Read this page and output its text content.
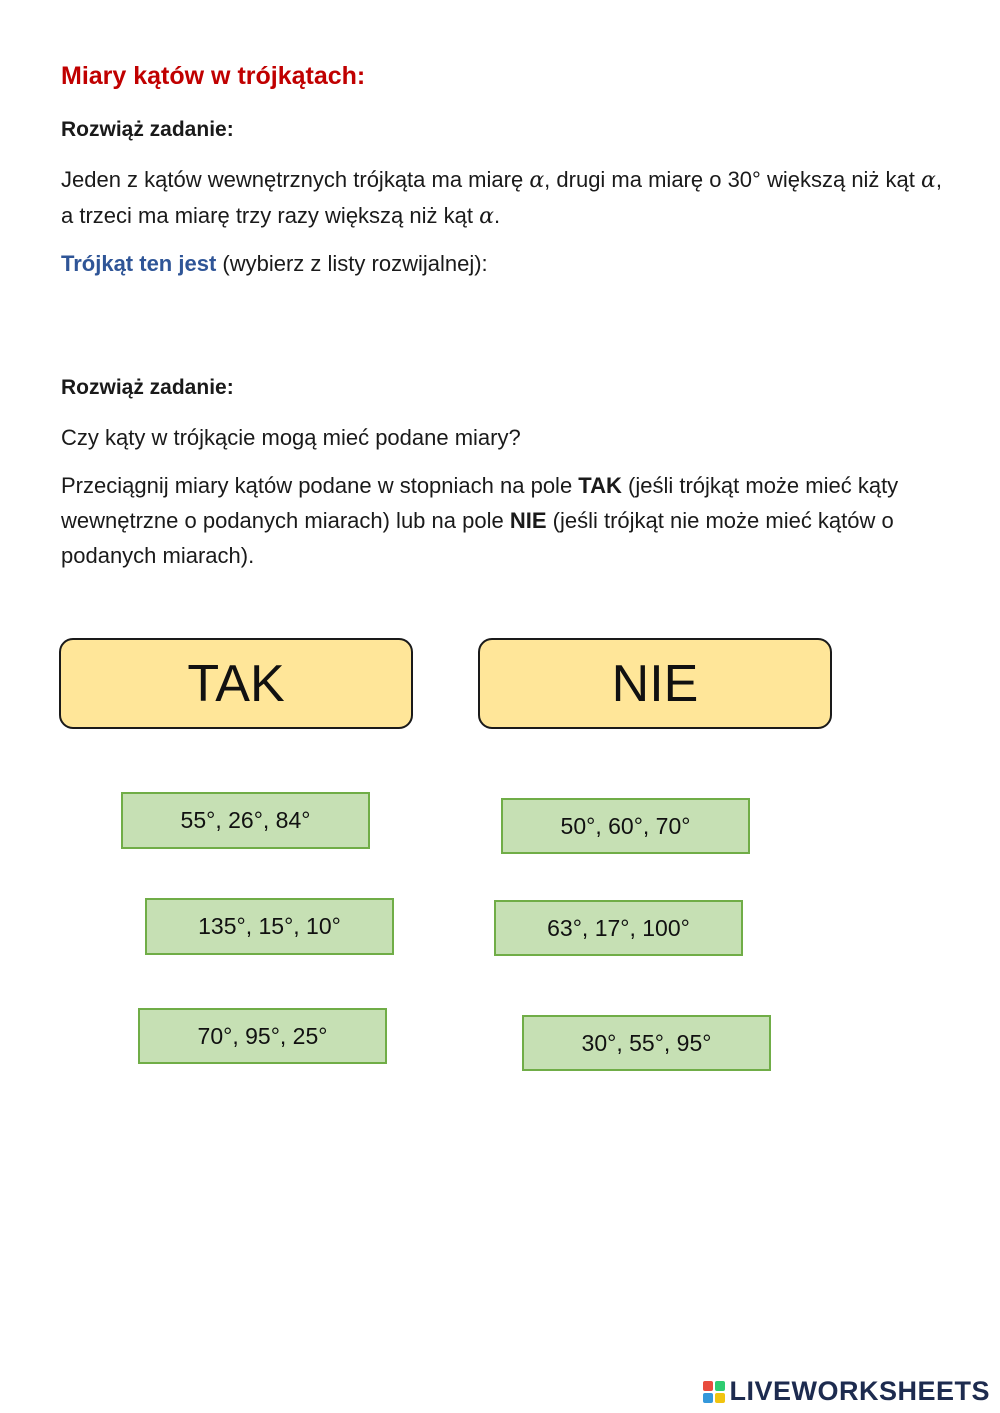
Miary kątów w trójkątach:
Rozwiąż zadanie:
Jeden z kątów wewnętrznych trójkąta ma miarę α, drugi ma miarę o 30° większą niż kąt α, a trzeci ma miarę trzy razy większą niż kąt α.
Trójkąt ten jest (wybierz z listy rozwijalnej):
Rozwiąż zadanie:
Czy kąty w trójkącie mogą mieć podane miary?
Przeciągnij miary kątów podane w stopniach na pole TAK (jeśli trójkąt może mieć kąty wewnętrzne o podanych miarach) lub na pole NIE (jeśli trójkąt nie może mieć kątów o podanych miarach).
TAK	NIE
55°, 26°, 84°	50°, 60°, 70°
135°, 15°, 10°	63°, 17°, 100°
70°, 95°, 25°	30°, 55°, 95°
LIVEWORKSHEETS
